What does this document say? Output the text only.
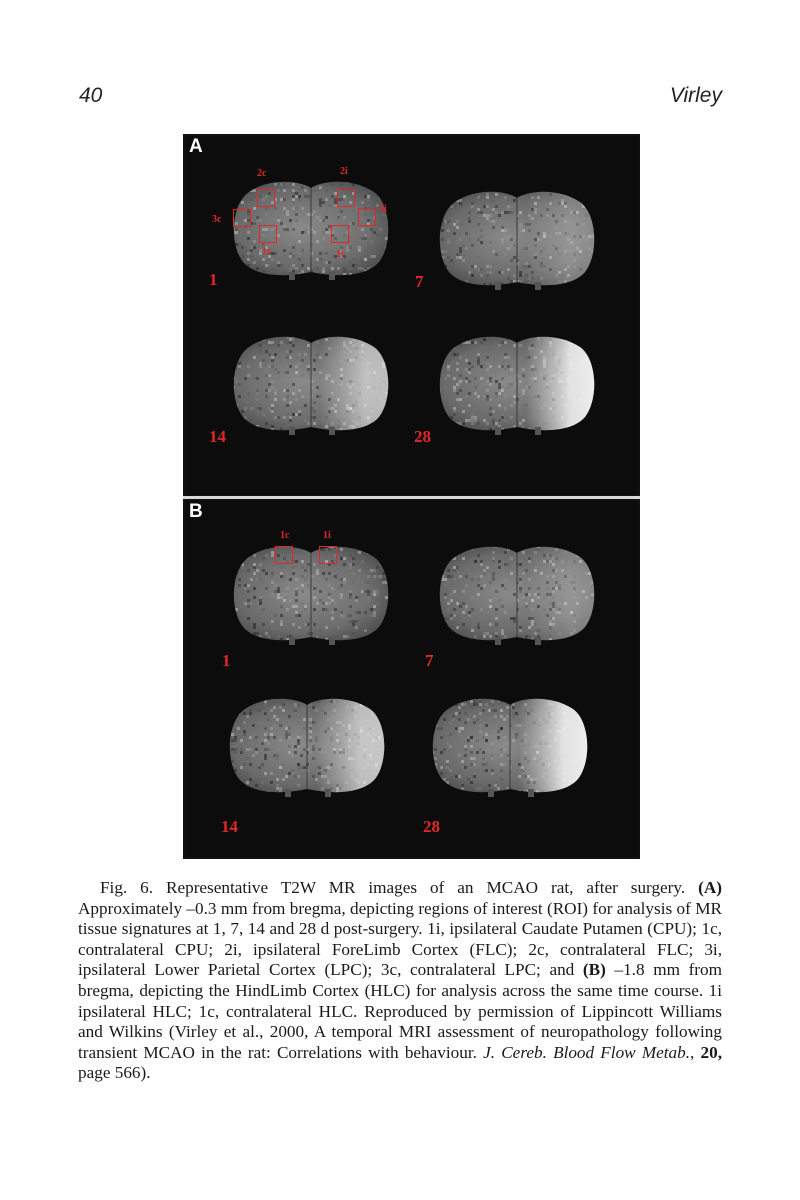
40	Virley
A
2c	2i
3c
3i
1c	1i
1	7
14	28
B
1c	1i
1	7
14	28
Fig. 6. Representative T2W MR images of an MCAO rat, after surgery. (A) Approximately –0.3 mm from bregma, depicting regions of interest (ROI) for analysis of MR tissue signatures at 1, 7, 14 and 28 d post-surgery. 1i, ipsilateral Caudate Putamen (CPU); 1c, contralateral CPU; 2i, ipsilateral ForeLimb Cortex (FLC); 2c, contralateral FLC; 3i, ipsilateral Lower Parietal Cortex (LPC); 3c, contralateral LPC; and (B) –1.8 mm from bregma, depicting the HindLimb Cortex (HLC) for analysis across the same time course. 1i ipsilateral HLC; 1c, contralateral HLC. Reproduced by permission of Lippincott Williams and Wilkins (Virley et al., 2000, A temporal MRI assessment of neuropathology following transient MCAO in the rat: Correlations with behaviour. J. Cereb. Blood Flow Metab., 20, page 566).
